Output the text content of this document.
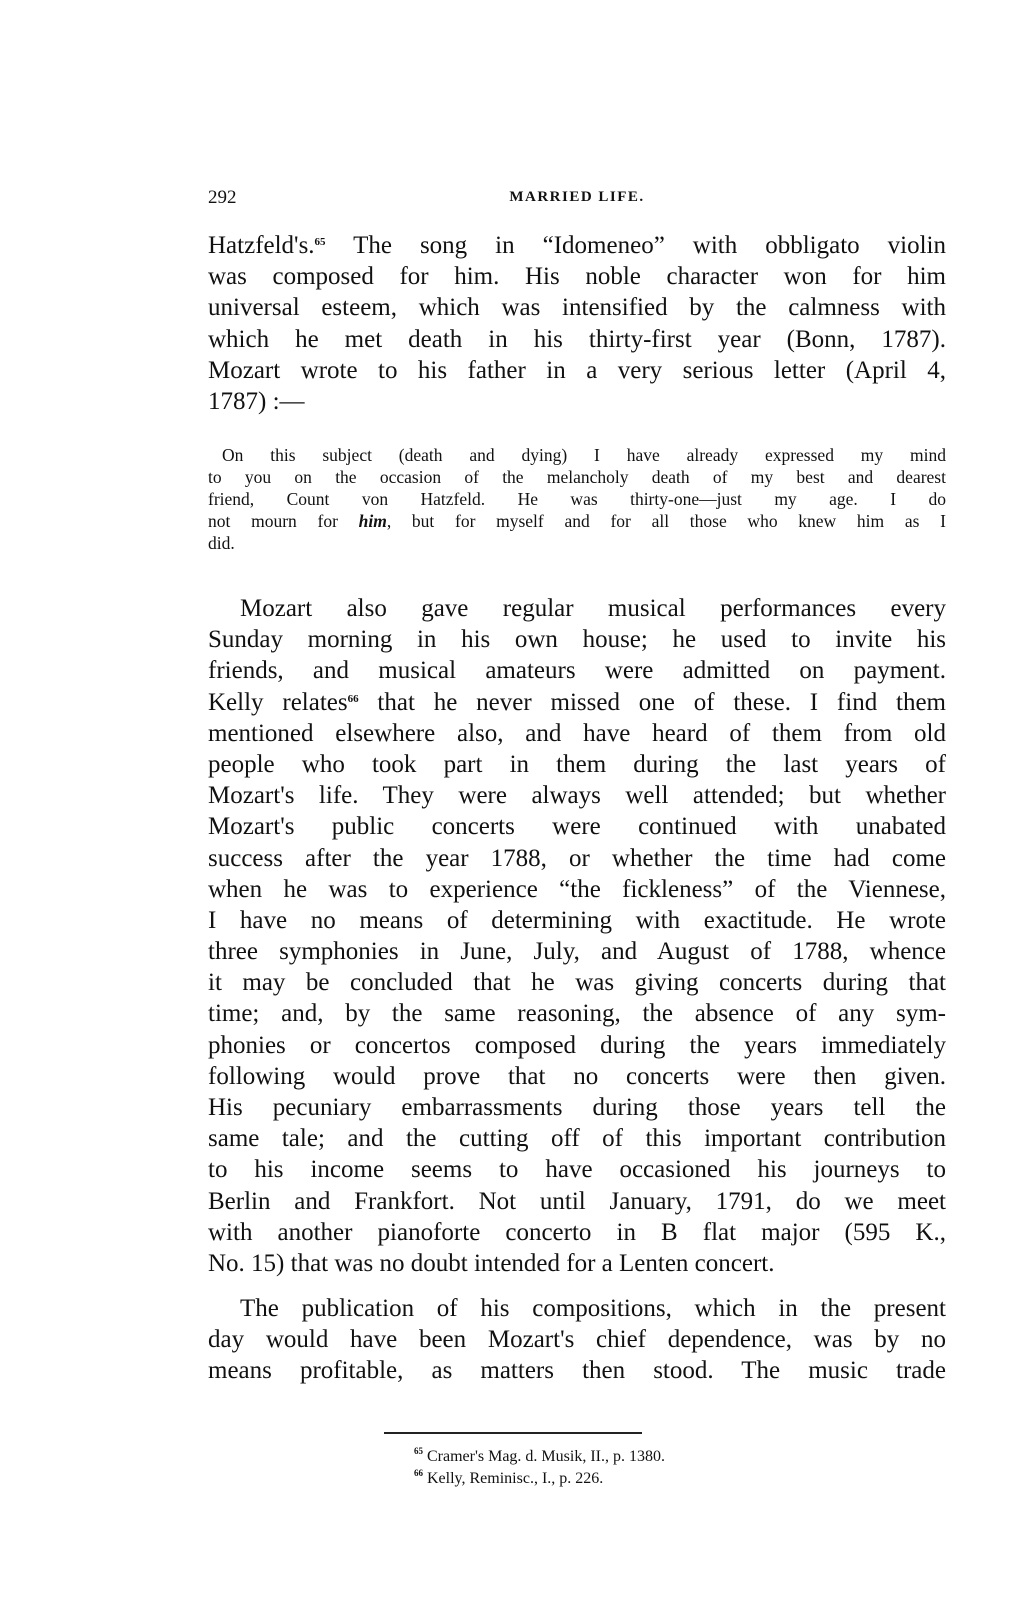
292	MARRIED LIFE.
Hatzfeld's.$^{65}$ The song in “Idomeneo” with obbligato violin
was composed for him. His noble character won for him
universal esteem, which was intensified by the calmness with
which he met death in his thirty-first year (Bonn, 1787).
Mozart wrote to his father in a very serious letter (April 4,
1787) :—
On this subject (death and dying) I have already expressed my mind
to you on the occasion of the melancholy death of my best and dearest
friend, Count von Hatzfeld. He was thirty-one—just my age. I do
not mourn for him, but for myself and for all those who knew him as I
did.
Mozart also gave regular musical performances every
Sunday morning in his own house; he used to invite his
friends, and musical amateurs were admitted on payment.
Kelly relates$^{66}$ that he never missed one of these. I find them
mentioned elsewhere also, and have heard of them from old
people who took part in them during the last years of
Mozart's life. They were always well attended; but whether
Mozart's public concerts were continued with unabated
success after the year 1788, or whether the time had come
when he was to experience “the fickleness” of the Viennese,
I have no means of determining with exactitude. He wrote
three symphonies in June, July, and August of 1788, whence
it may be concluded that he was giving concerts during that
time; and, by the same reasoning, the absence of any sym-
phonies or concertos composed during the years immediately
following would prove that no concerts were then given.
His pecuniary embarrassments during those years tell the
same tale; and the cutting off of this important contribution
to his income seems to have occasioned his journeys to
Berlin and Frankfort. Not until January, 1791, do we meet
with another pianoforte concerto in B flat major (595 K.,
No. 15) that was no doubt intended for a Lenten concert.
The publication of his compositions, which in the present
day would have been Mozart's chief dependence, was by no
means profitable, as matters then stood. The music trade
$^{65}$ Cramer's Mag. d. Musik, II., p. 1380.
$^{66}$ Kelly, Reminisc., I., p. 226.
